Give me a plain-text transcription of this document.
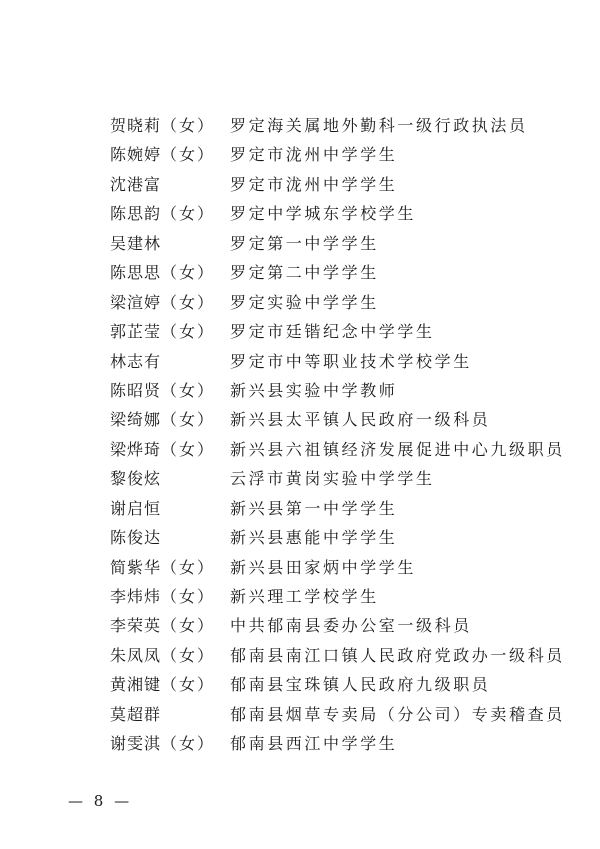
贺晓莉（女） 罗定海关属地外勤科一级行政执法员
陈婉婷（女） 罗定市泷州中学学生
沈港富	罗定市泷州中学学生
陈思韵（女） 罗定中学城东学校学生
吴建林	罗定第一中学学生
陈思思（女） 罗定第二中学学生
梁渲婷（女） 罗定实验中学学生
郭芷莹（女） 罗定市廷锴纪念中学学生
林志有	罗定市中等职业技术学校学生
陈昭贤（女） 新兴县实验中学教师
梁绮娜（女） 新兴县太平镇人民政府一级科员
梁烨琦（女） 新兴县六祖镇经济发展促进中心九级职员
黎俊炫	云浮市黄岗实验中学学生
谢启恒	新兴县第一中学学生
陈俊达	新兴县惠能中学学生
简紫华（女） 新兴县田家炳中学学生
李炜炜（女） 新兴理工学校学生
李荣英（女） 中共郁南县委办公室一级科员
朱凤凤（女） 郁南县南江口镇人民政府党政办一级科员
黄湘键（女） 郁南县宝珠镇人民政府九级职员
莫超群	郁南县烟草专卖局（分公司）专卖稽查员
谢雯淇（女） 郁南县西江中学学生
— 8 —
